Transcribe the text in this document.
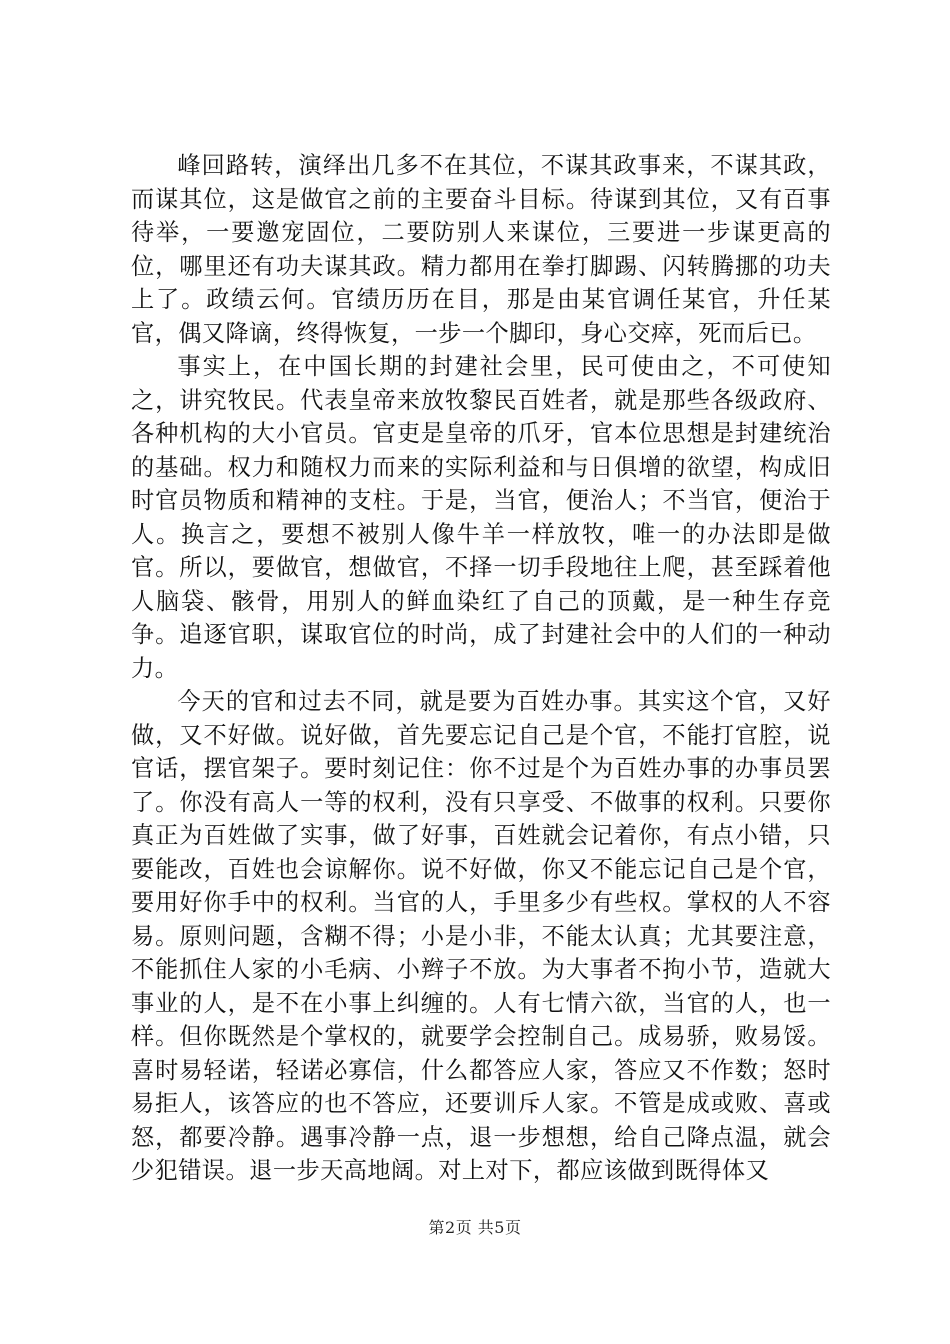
峰回路转，演绎出几多不在其位，不谋其政事来，不谋其政，而谋其位，这是做官之前的主要奋斗目标。待谋到其位，又有百事待举，一要邀宠固位，二要防别人来谋位，三要进一步谋更高的位，哪里还有功夫谋其政。精力都用在拳打脚踢、闪转腾挪的功夫上了。政绩云何。官绩历历在目，那是由某官调任某官，升任某官，偶又降谪，终得恢复，一步一个脚印，身心交瘁，死而后已。

事实上，在中国长期的封建社会里，民可使由之，不可使知之，讲究牧民。代表皇帝来放牧黎民百姓者，就是那些各级政府、各种机构的大小官员。官吏是皇帝的爪牙，官本位思想是封建统治的基础。权力和随权力而来的实际利益和与日俱增的欲望，构成旧时官员物质和精神的支柱。于是，当官，便治人；不当官，便治于人。换言之，要想不被别人像牛羊一样放牧，唯一的办法即是做官。所以，要做官，想做官，不择一切手段地往上爬，甚至踩着他人脑袋、骸骨，用别人的鲜血染红了自己的顶戴，是一种生存竞争。追逐官职，谋取官位的时尚，成了封建社会中的人们的一种动力。

今天的官和过去不同，就是要为百姓办事。其实这个官，又好做，又不好做。说好做，首先要忘记自己是个官，不能打官腔，说官话，摆官架子。要时刻记住：你不过是个为百姓办事的办事员罢了。你没有高人一等的权利，没有只享受、不做事的权利。只要你真正为百姓做了实事，做了好事，百姓就会记着你，有点小错，只要能改，百姓也会谅解你。说不好做，你又不能忘记自己是个官，要用好你手中的权利。当官的人，手里多少有些权。掌权的人不容易。原则问题，含糊不得；小是小非，不能太认真；尤其要注意，不能抓住人家的小毛病、小辫子不放。为大事者不拘小节，造就大事业的人，是不在小事上纠缠的。人有七情六欲，当官的人，也一样。但你既然是个掌权的，就要学会控制自己。成易骄，败易馁。喜时易轻诺，轻诺必寡信，什么都答应人家，答应又不作数；怒时易拒人，该答应的也不答应，还要训斥人家。不管是成或败、喜或怒，都要冷静。遇事冷静一点，退一步想想，给自己降点温，就会少犯错误。退一步天高地阔。对上对下，都应该做到既得体又

第2页 共5页
